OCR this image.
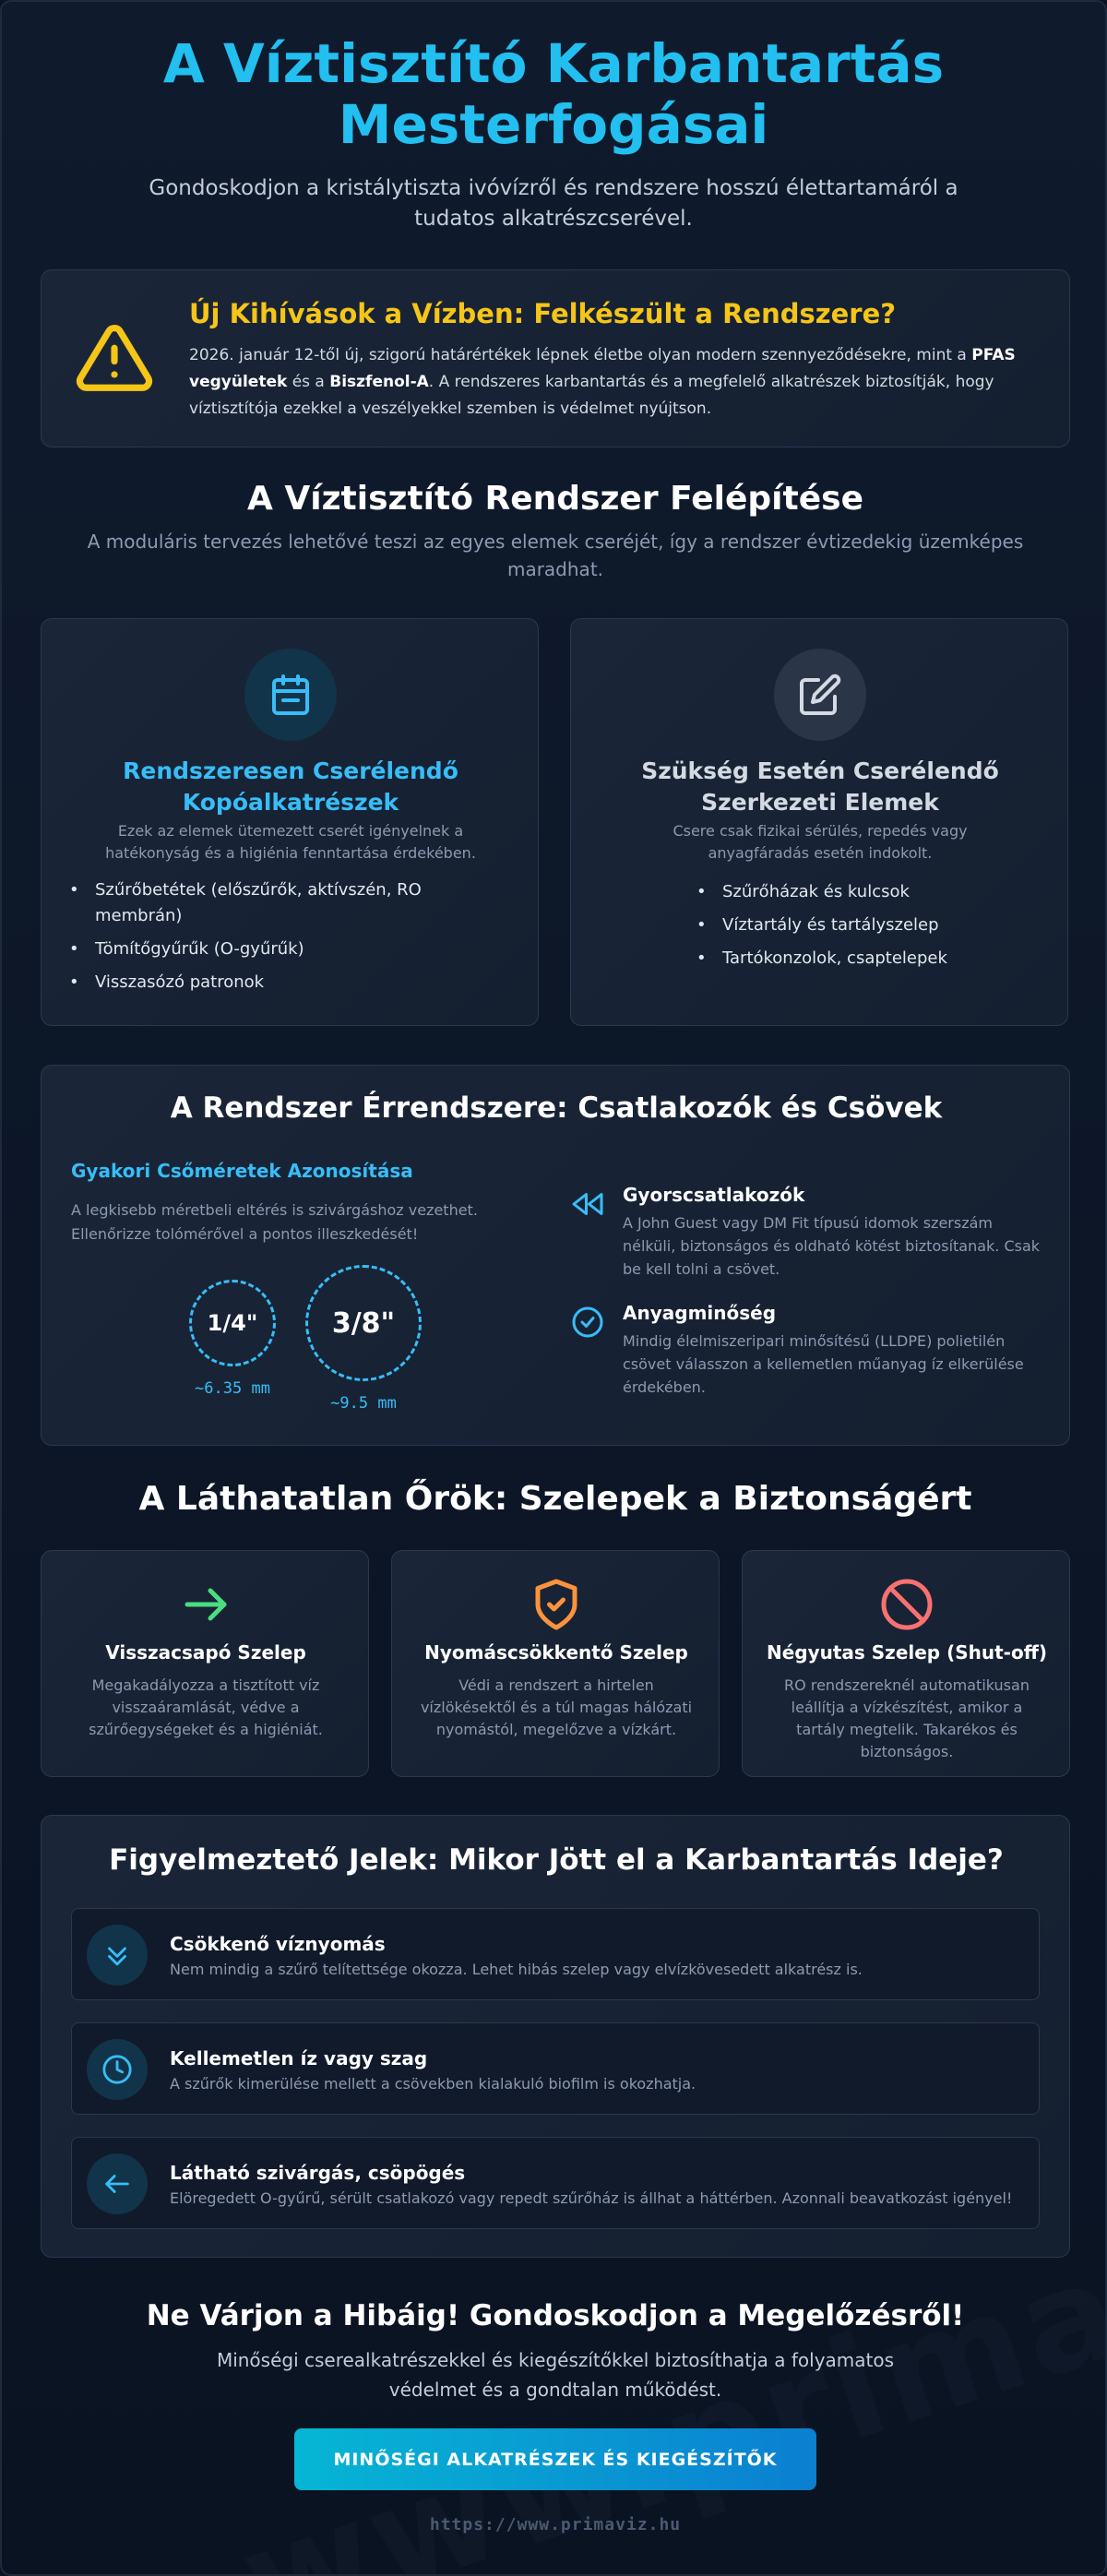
A Víztisztító Karbantartás Mesterfogásai

Gondoskodjon a kristálytiszta ivóvízről és rendszere hosszú élettartamáról a tudatos alkatrészcserével.

Új Kihívások a Vízben: Felkészült a Rendszere?

2026. január 12-től új, szigorú határértékek lépnek életbe olyan modern szennyeződésekre, mint a PFAS vegyületek és a Biszfenol-A. A rendszeres karbantartás és a megfelelő alkatrészek biztosítják, hogy víztisztítója ezekkel a veszélyekkel szemben is védelmet nyújtson.

A Víztisztító Rendszer Felépítése

A moduláris tervezés lehetővé teszi az egyes elemek cseréjét, így a rendszer évtizedekig üzemképes maradhat.

Rendszeresen Cserélendő Kopóalkatrészek

Ezek az elemek ütemezett cserét igényelnek a hatékonyság és a higiénia fenntartása érdekében.

• Szűrőbetétek (előszűrők, aktívszén, RO membrán)
• Tömítőgyűrűk (O-gyűrűk)
• Visszasózó patronok
Szükség Esetén Cserélendő Szerkezeti Elemek

Csere csak fizikai sérülés, repedés vagy anyagfáradás esetén indokolt.

• Szűrőházak és kulcsok
• Víztartály és tartályszelep
• Tartókonzolok, csaptelepek
A Rendszer Érrendszere: Csatlakozók és Csövek
Gyakori Csőméretek Azonosítása

A legkisebb méretbeli eltérés is szivárgáshoz vezethet. Ellenőrizze tolómérővel a pontos illeszkedését!

1/4"
~6.35 mm
3/8"
~9.5 mm
Gyorscsatlakozók

A John Guest vagy DM Fit típusú idomok szerszám nélküli, biztonságos és oldható kötést biztosítanak. Csak be kell tolni a csövet.

Anyagminőség

Mindig élelmiszeripari minősítésű (LLDPE) polietilén csövet válasszon a kellemetlen műanyag íz elkerülése érdekében.

A Láthatatlan Őrök: Szelepek a Biztonságért
Visszacsapó Szelep

Megakadályozza a tisztított víz visszaáramlását, védve a szűrőegységeket és a higiéniát.

Nyomáscsökkentő Szelep

Védi a rendszert a hirtelen vízlökésektől és a túl magas hálózati nyomástól, megelőzve a vízkárt.

Négyutas Szelep (Shut-off)

RO rendszereknél automatikusan leállítja a vízkészítést, amikor a tartály megtelik. Takarékos és biztonságos.

Figyelmeztető Jelek: Mikor Jött el a Karbantartás Ideje?
Csökkenő víznyomás

Nem mindig a szűrő telítettsége okozza. Lehet hibás szelep vagy elvízkövesedett alkatrész is.

Kellemetlen íz vagy szag

A szűrők kimerülése mellett a csövekben kialakuló biofilm is okozhatja.

Látható szivárgás, csöpögés

Elöregedett O-gyűrű, sérült csatlakozó vagy repedt szűrőház is állhat a háttérben. Azonnali beavatkozást igényel!

Ne Várjon a Hibáig! Gondoskodjon a Megelőzésről!

Minőségi cserealkatrészekkel és kiegészítőkkel biztosíthatja a folyamatos védelmet és a gondtalan működést.

MINŐSÉGI ALKATRÉSZEK ÉS KIEGÉSZÍTŐK
https://www.primaviz.hu
